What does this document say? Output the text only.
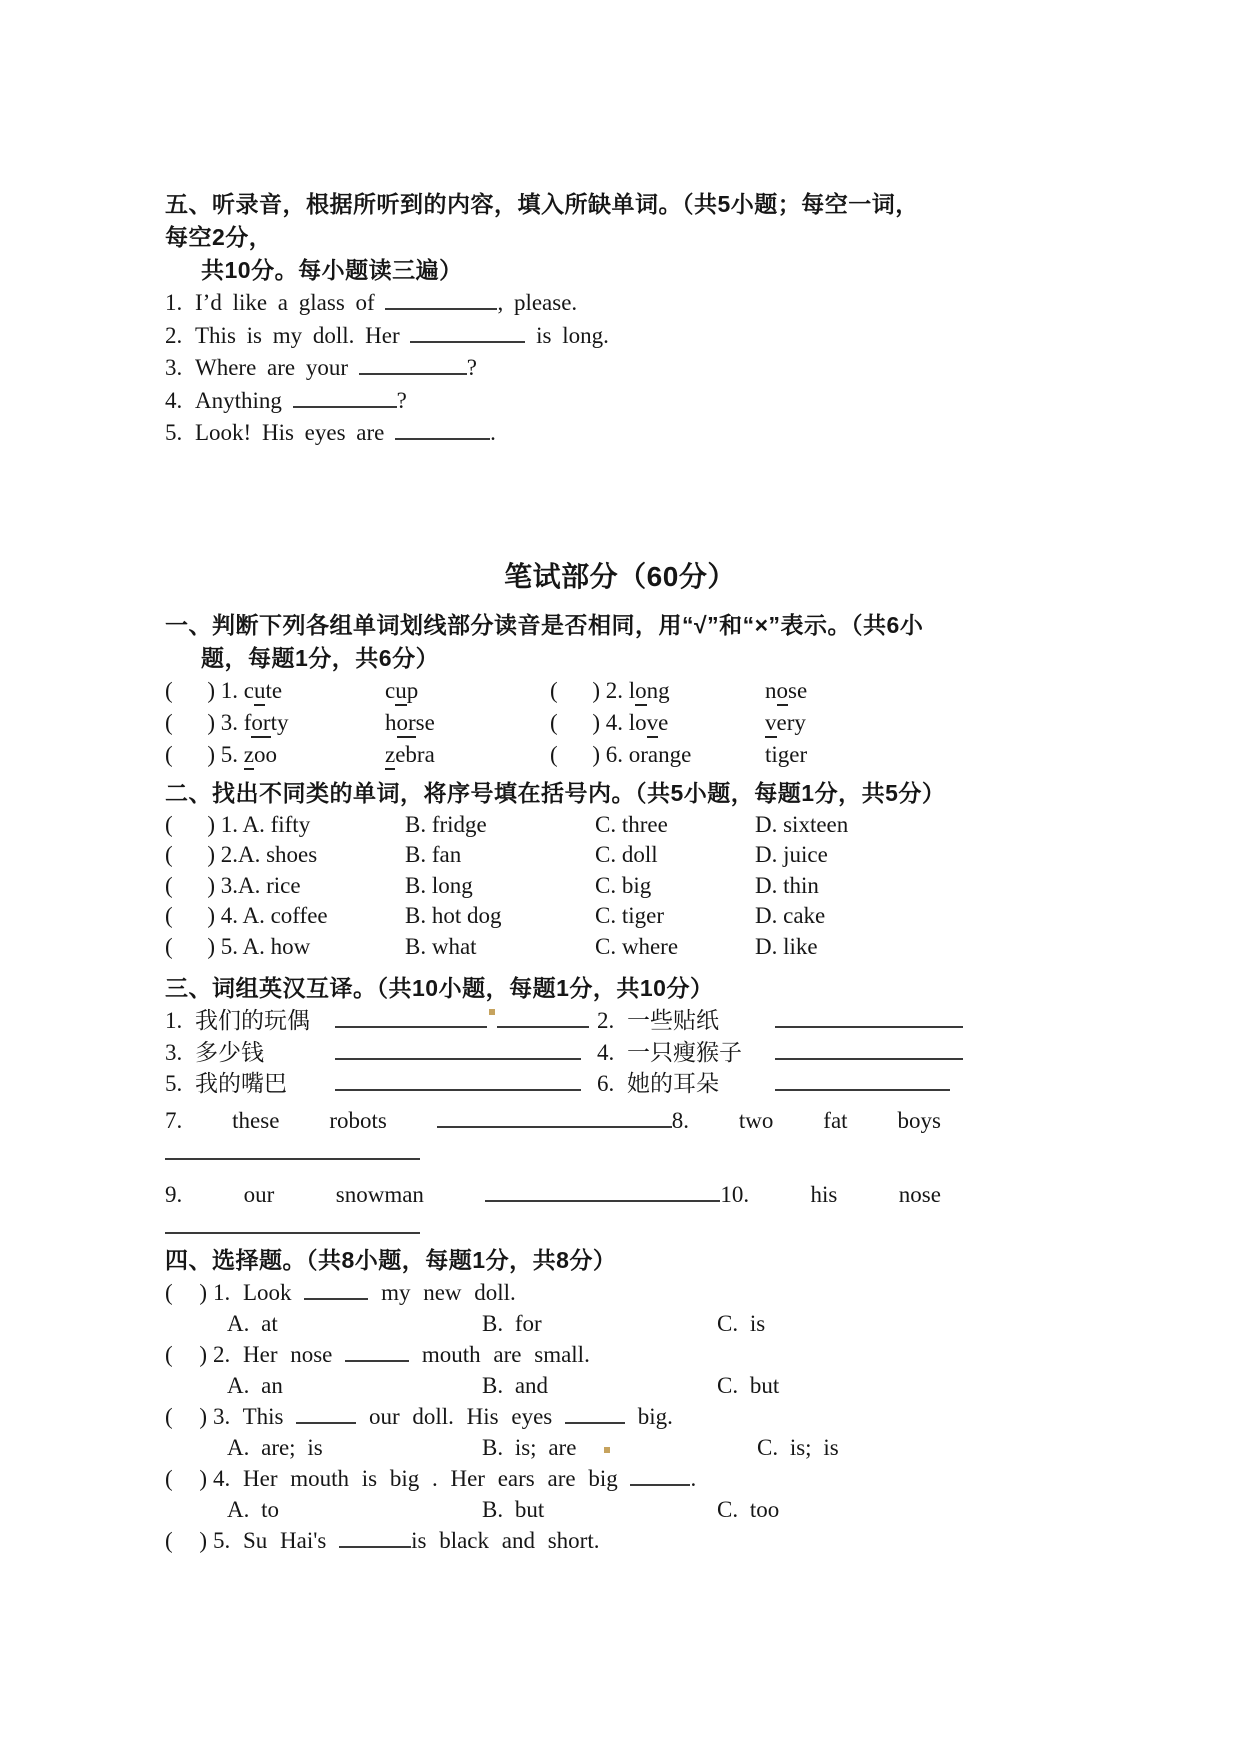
五、听录音，根据所听到的内容，填入所缺单词。（共5小题；每空一词，每空2分，
共10分。每小题读三遍）
1. I’d like a glass of	, please.
2. This is my doll. Her	is long.
3. Where are your	?
4. Anything	?
5. Look! His eyes are	.
笔试部分（60分）
一、判断下列各组单词划线部分读音是否相同，用“√”和“×”表示。（共6小
题，每题1分，共6分）
( ) 1. cute	cup	( ) 2. long	nose
( ) 3. forty	horse	( ) 4. love	very
( ) 5. zoo	zebra	( ) 6. orange	tiger
二、找出不同类的单词，将序号填在括号内。（共5小题，每题1分，共5分）
( ) 1. A. fifty	B. fridge	C. three	D. sixteen
( ) 2.A. shoes	B. fan	C. doll	D. juice
( ) 3.A. rice	B. long	C. big	D. thin
( ) 4. A. coffee	B. hot dog	C. tiger	D. cake
( ) 5. A. how	B. what	C. where	D. like
三、词组英汉互译。（共10小题，每题1分，共10分）
1. 我们的玩偶	2. 一些贴纸
3. 多少钱	4. 一只瘦猴子
5. 我的嘴巴	6. 她的耳朵
7. these robots	8. two fat boys
9.	our	snowman	10.	his	nose
四、选择题。（共8小题，每题1分，共8分）
( ) 1. Look	my new doll.
A. at	B. for	C. is
( ) 2. Her nose	mouth are small.
A. an	B. and	C. but
( ) 3. This	our doll. His eyes	big.
A. are; is	B. is; are	C. is; is
( ) 4. Her mouth is big . Her ears are big	.
A. to	B. but	C. too
( ) 5. Su Hai's	is black and short.
